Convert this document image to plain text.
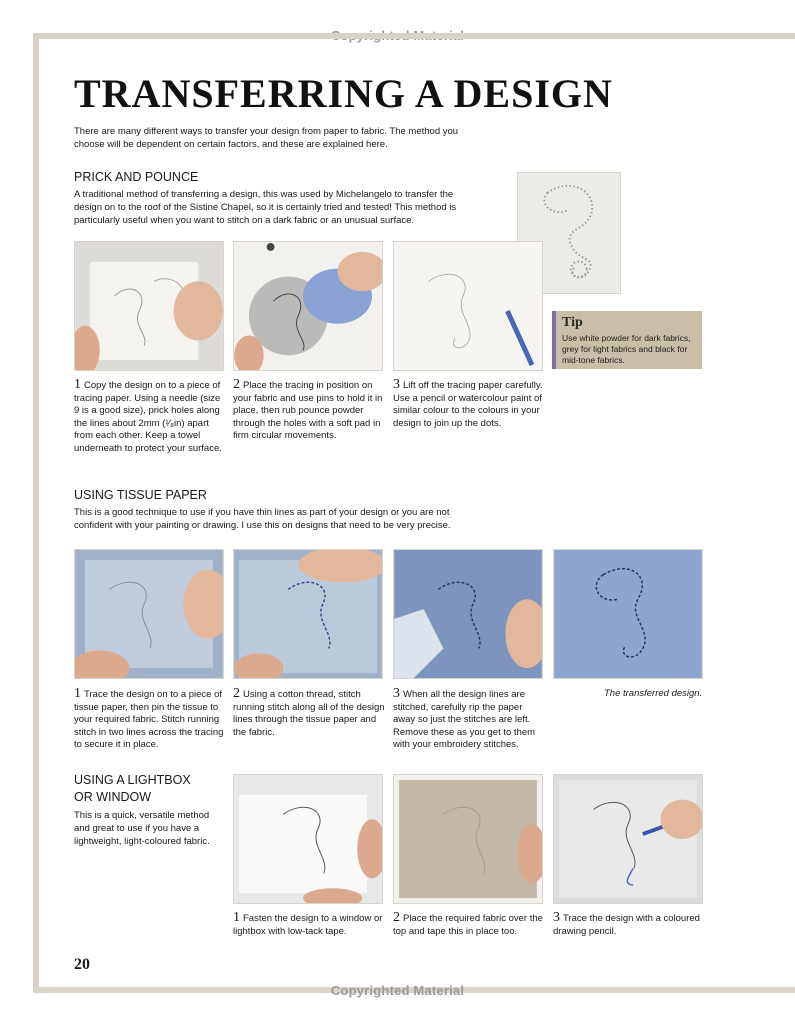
Copyrighted Material
TRANSFERRING A DESIGN

There are many different ways to transfer your design from paper to fabric. The method you choose will be dependent on certain factors, and these are explained here.

PRICK AND POUNCE

A traditional method of transferring a design, this was used by Michelangelo to transfer the design on to the roof of the Sistine Chapel, so it is certainly tried and tested! This method is particularly useful when you want to stitch on a dark fabric or an unusual surface.

Tip

Use white powder for dark fabrics, grey for light fabrics and black for mid-tone fabrics.

1 Copy the design on to a piece of tracing paper. Using a needle (size 9 is a good size), prick holes along the lines about 2mm (¹⁄₈in) apart from each other. Keep a towel underneath to protect your surface.

2 Place the tracing in position on your fabric and use pins to hold it in place, then rub pounce powder through the holes with a soft pad in firm circular movements.

3 Lift off the tracing paper carefully. Use a pencil or watercolour paint of similar colour to the colours in your design to join up the dots.

USING TISSUE PAPER

This is a good technique to use if you have thin lines as part of your design or you are not confident with your painting or drawing. I use this on designs that need to be very precise.

1 Trace the design on to a piece of tissue paper, then pin the tissue to your required fabric. Stitch running stitch in two lines across the tracing to secure it in place.

2 Using a cotton thread, stitch running stitch along all of the design lines through the tissue paper and the fabric.

3 When all the design lines are stitched, carefully rip the paper away so just the stitches are left. Remove these as you get to them with your embroidery stitches.

The transferred design.
USING A LIGHTBOX
OR WINDOW

This is a quick, versatile method and great to use if you have a lightweight, light-coloured fabric.

1 Fasten the design to a window or lightbox with low-tack tape.

2 Place the required fabric over the top and tape this in place too.

3 Trace the design with a coloured drawing pencil.

20
Copyrighted Material
